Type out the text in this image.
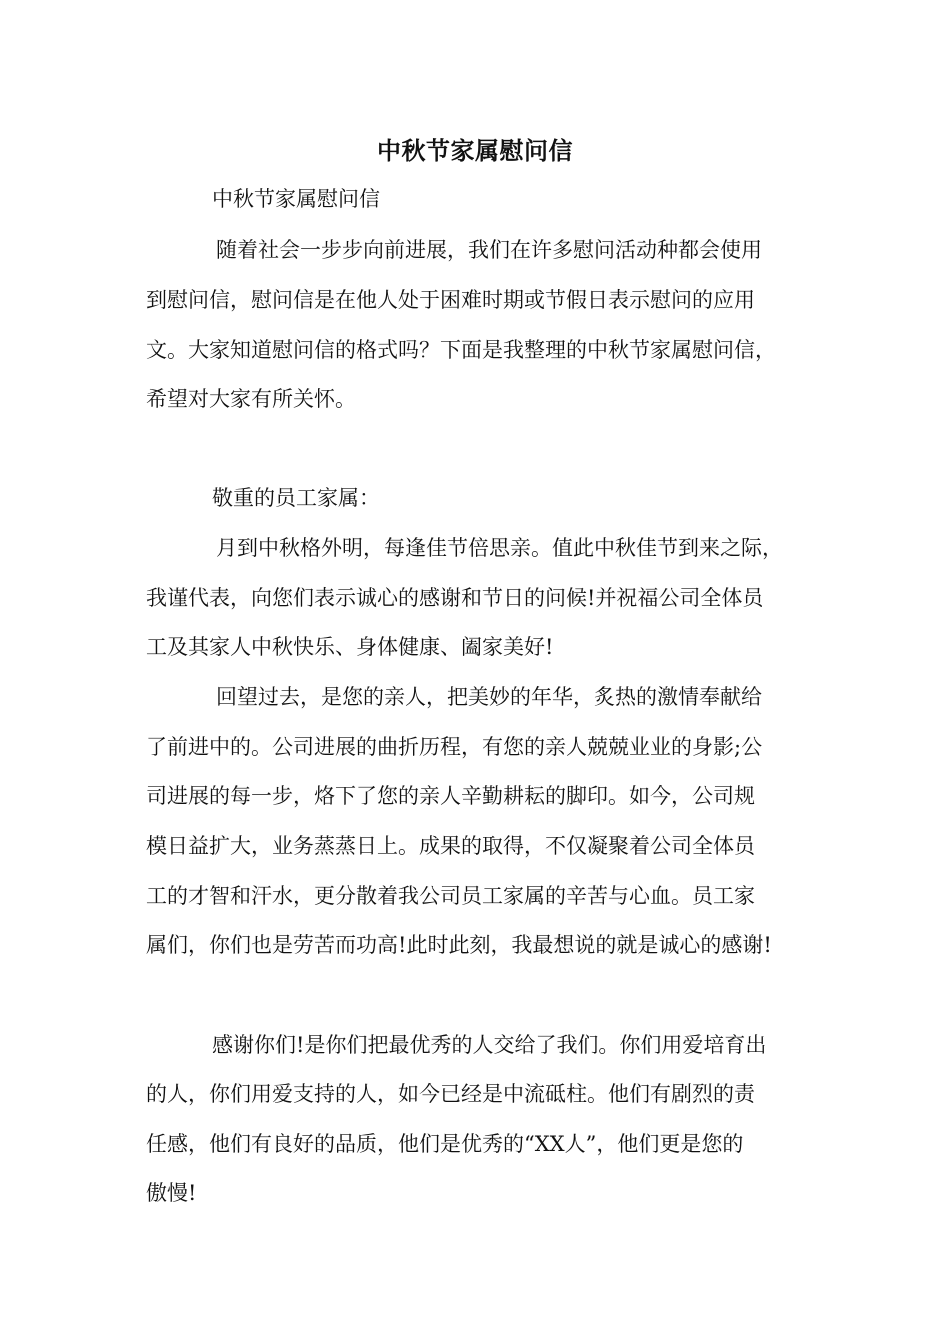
中秋节家属慰问信
中秋节家属慰问信
随着社会一步步向前进展，我们在许多慰问活动种都会使用
到慰问信，慰问信是在他人处于困难时期或节假日表示慰问的应用
文。大家知道慰问信的格式吗？下面是我整理的中秋节家属慰问信，
希望对大家有所关怀。
敬重的员工家属：
月到中秋格外明，每逢佳节倍思亲。值此中秋佳节到来之际，
我谨代表，向您们表示诚心的感谢和节日的问候!并祝福公司全体员
工及其家人中秋快乐、身体健康、阖家美好!
回望过去，是您的亲人，把美妙的年华，炙热的激情奉献给
了前进中的。公司进展的曲折历程，有您的亲人兢兢业业的身影;公
司进展的每一步，烙下了您的亲人辛勤耕耘的脚印。如今，公司规
模日益扩大，业务蒸蒸日上。成果的取得，不仅凝聚着公司全体员
工的才智和汗水，更分散着我公司员工家属的辛苦与心血。员工家
属们，你们也是劳苦而功高!此时此刻，我最想说的就是诚心的感谢!
感谢你们!是你们把最优秀的人交给了我们。你们用爱培育出
的人，你们用爱支持的人，如今已经是中流砥柱。他们有剧烈的责
任感，他们有良好的品质，他们是优秀的“XX人”，他们更是您的
傲慢!
